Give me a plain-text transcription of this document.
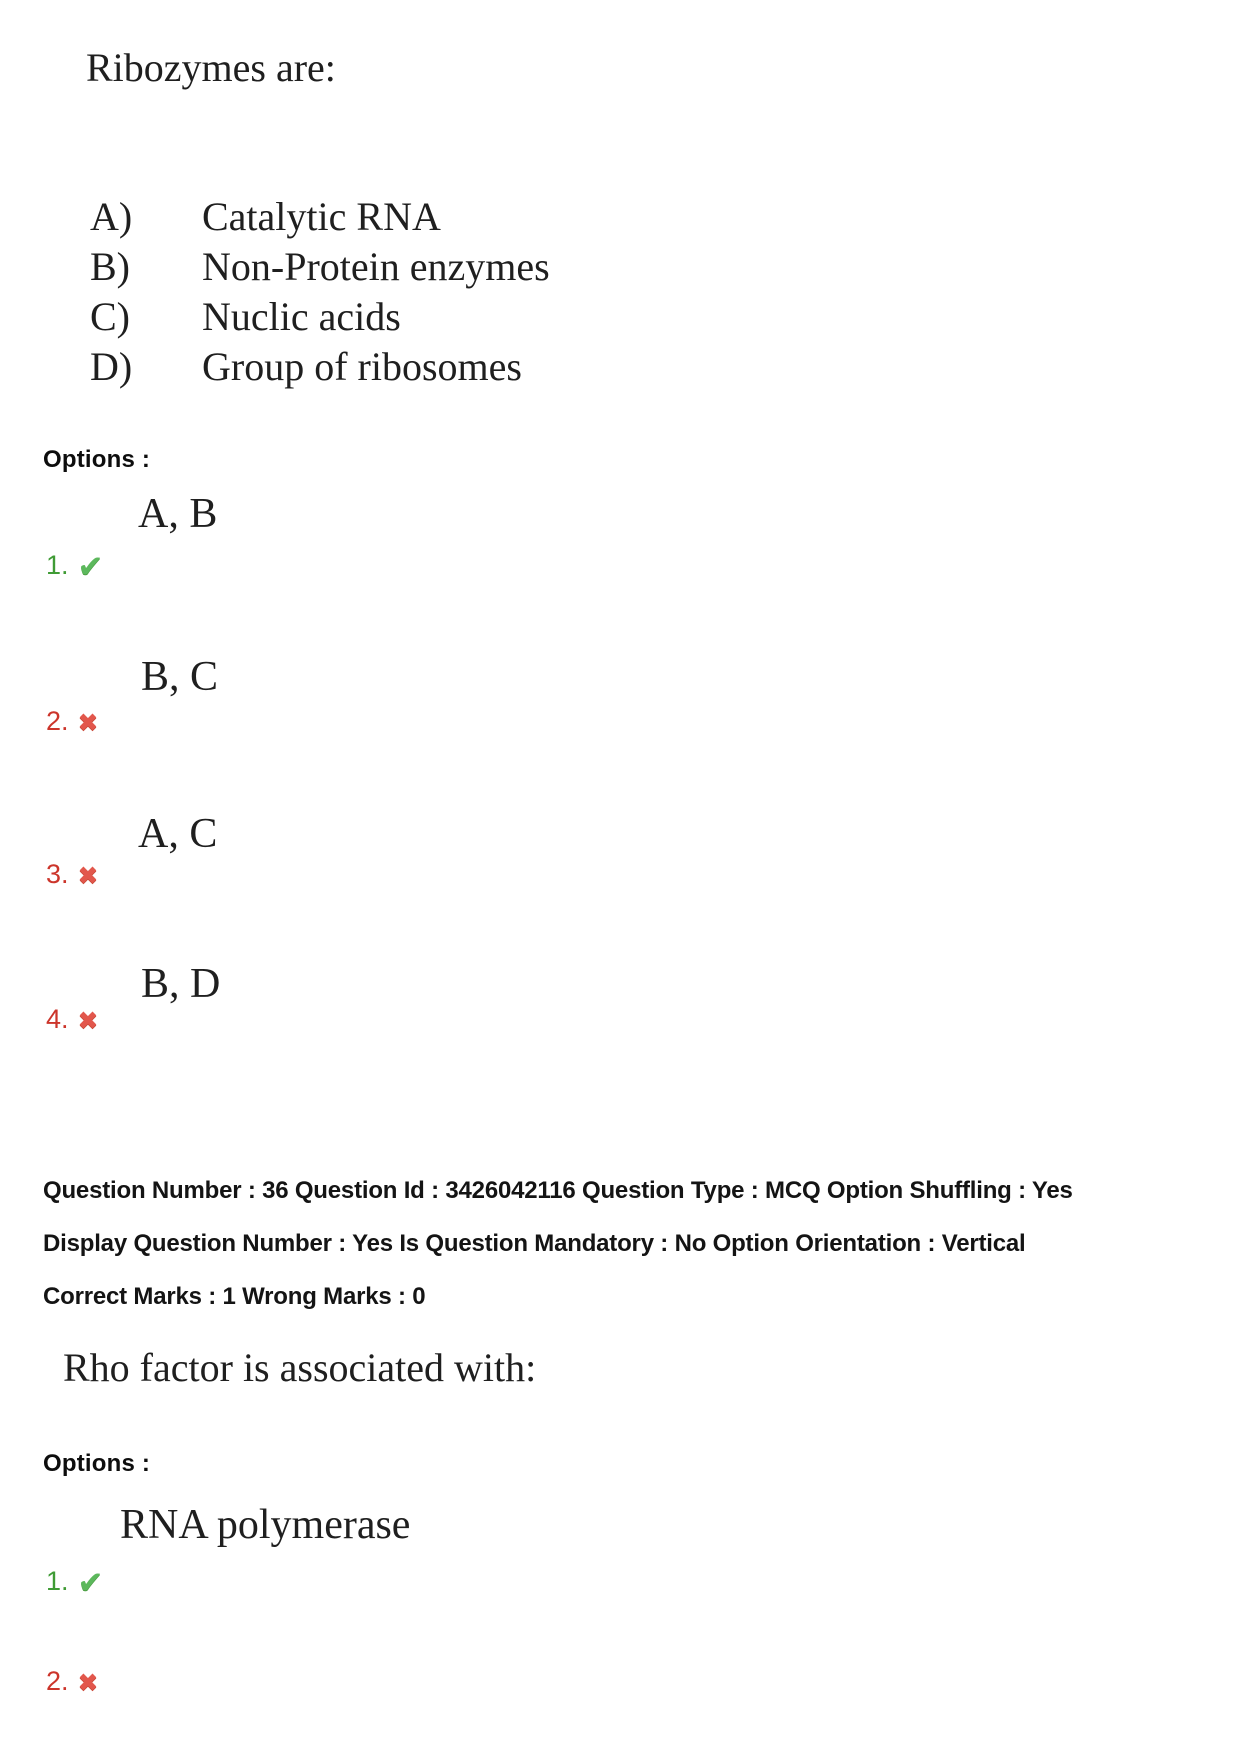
Ribozymes are:
A) Catalytic RNA
B) Non-Protein enzymes
C) Nuclic acids
D) Group of ribosomes
Options :
A, B
1. ✔
B, C
2. ✖
A, C
3. ✖
B, D
4. ✖
Question Number : 36 Question Id : 3426042116 Question Type : MCQ Option Shuffling : Yes
Display Question Number : Yes Is Question Mandatory : No Option Orientation : Vertical
Correct Marks : 1 Wrong Marks : 0
Rho factor is associated with:
Options :
RNA polymerase
1. ✔
2. ✖
